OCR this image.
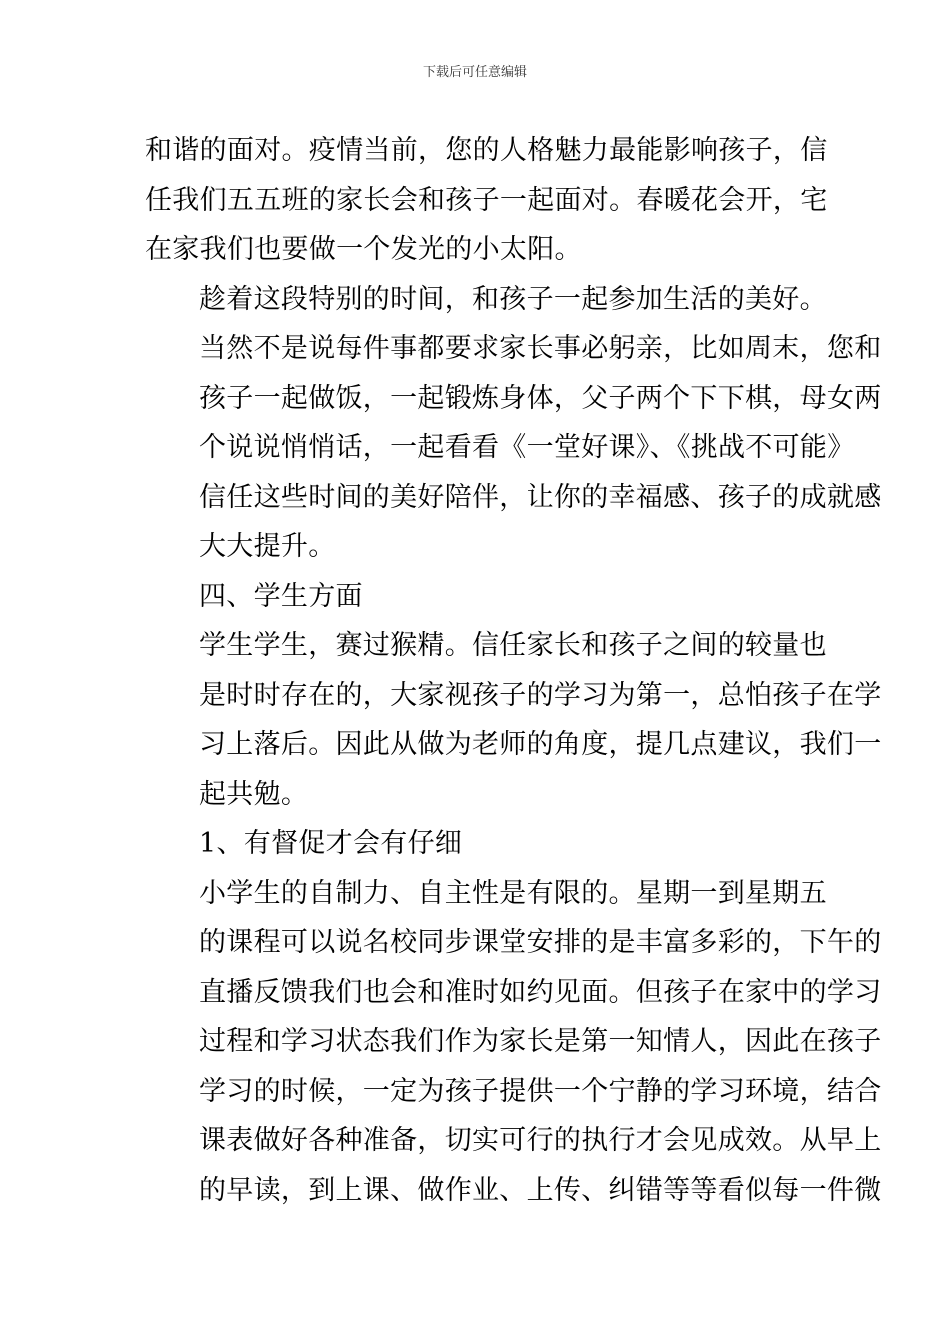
下载后可任意编辑

和谐的面对。疫情当前，您的人格魅力最能影响孩子，信
任我们五五班的家长会和孩子一起面对。春暖花会开，宅
在家我们也要做一个发光的小太阳。

趁着这段特别的时间，和孩子一起参加生活的美好。
当然不是说每件事都要求家长事必躬亲，比如周末，您和
孩子一起做饭，一起锻炼身体，父子两个下下棋，母女两
个说说悄悄话，一起看看《一堂好课》、《挑战不可能》
信任这些时间的美好陪伴，让你的幸福感、孩子的成就感
大大提升。

四、学生方面

学生学生，赛过猴精。信任家长和孩子之间的较量也
是时时存在的，大家视孩子的学习为第一，总怕孩子在学
习上落后。因此从做为老师的角度，提几点建议，我们一
起共勉。

1、有督促才会有仔细

小学生的自制力、自主性是有限的。星期一到星期五
的课程可以说名校同步课堂安排的是丰富多彩的，下午的
直播反馈我们也会和准时如约见面。但孩子在家中的学习
过程和学习状态我们作为家长是第一知情人，因此在孩子
学习的时候，一定为孩子提供一个宁静的学习环境，结合
课表做好各种准备，切实可行的执行才会见成效。从早上
的早读，到上课、做作业、上传、纠错等等看似每一件微
